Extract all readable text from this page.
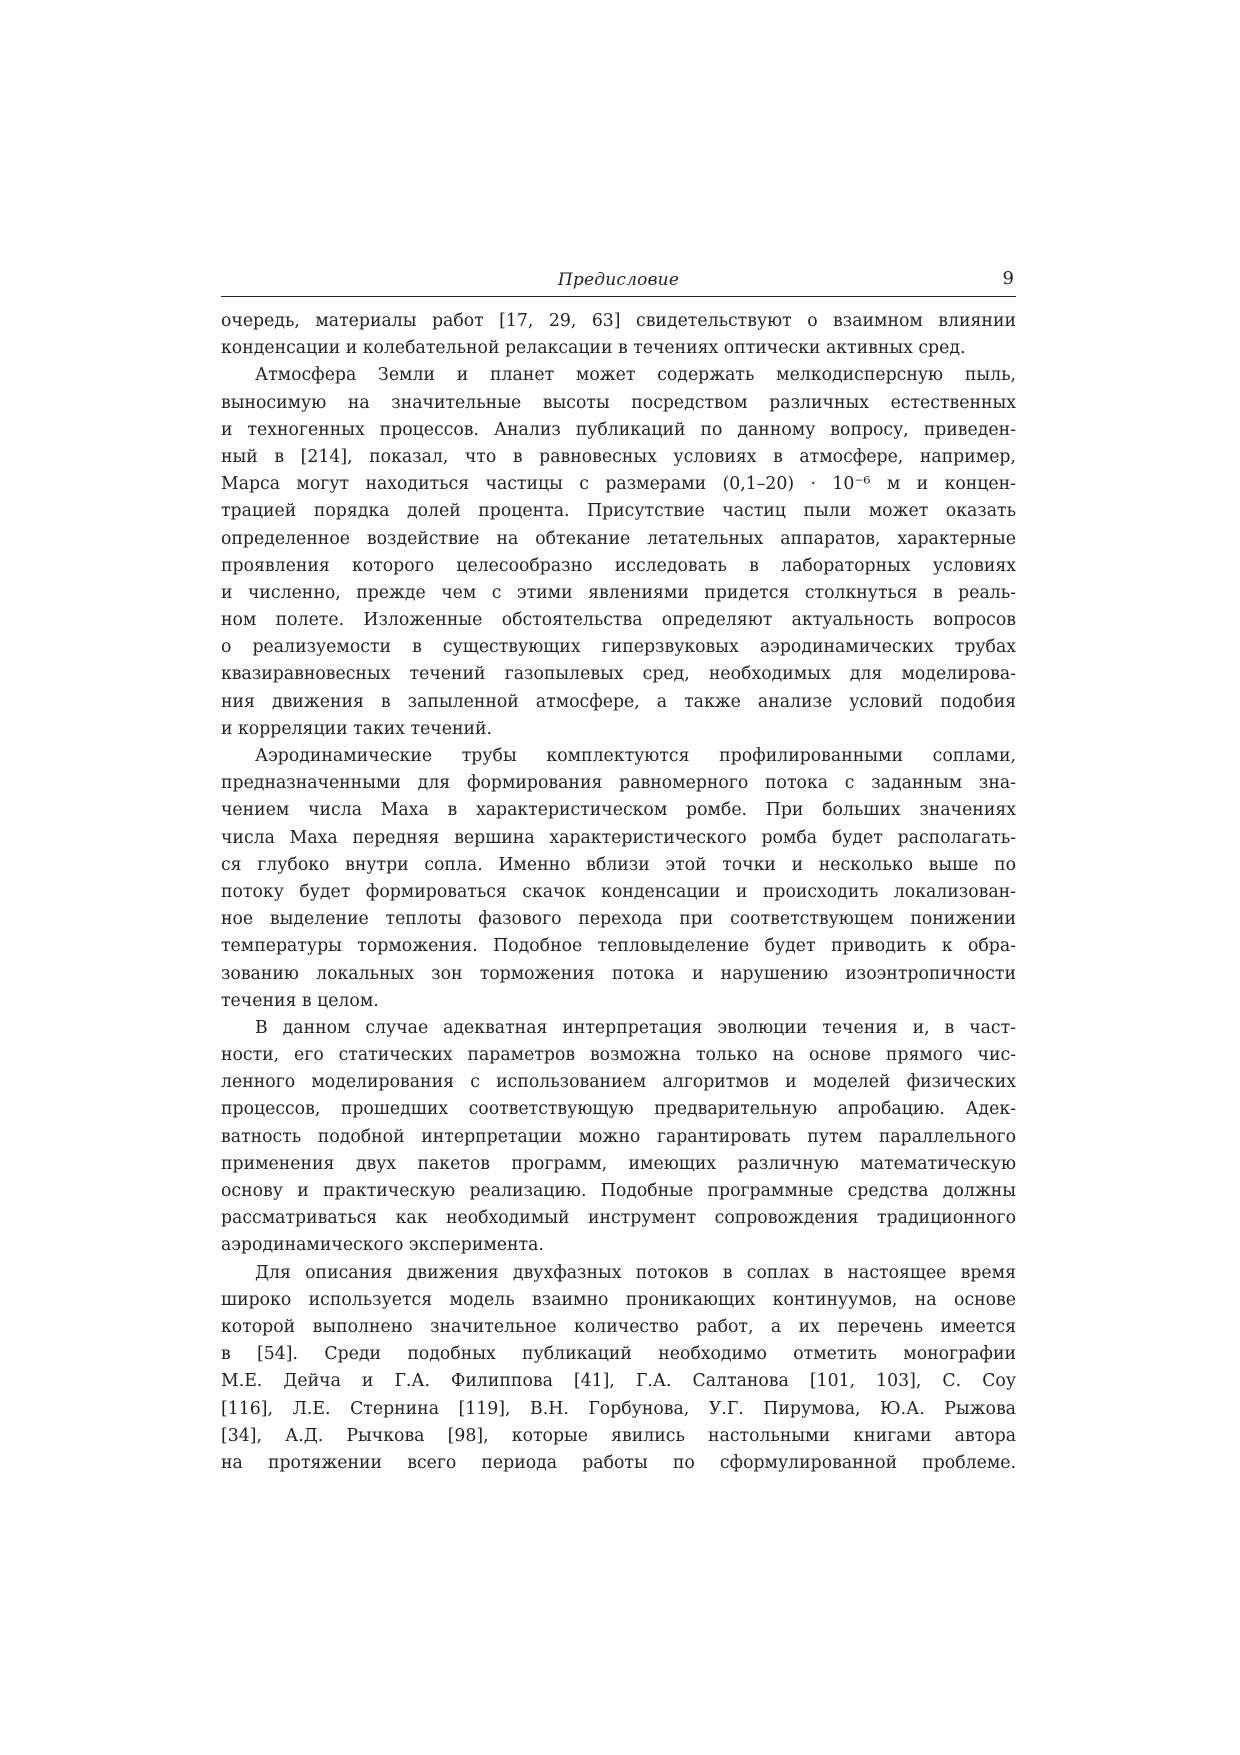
Предисловие	9
очередь, материалы работ [17, 29, 63] свидетельствуют о взаимном влиянии
конденсации и колебательной релаксации в течениях оптически активных сред.
Атмосфера Земли и планет может содержать мелкодисперсную пыль,
выносимую на значительные высоты посредством различных естественных
и техногенных процессов. Анализ публикаций по данному вопросу, приведен-
ный в [214], показал, что в равновесных условиях в атмосфере, например,
Марса могут находиться частицы с размерами (0,1–20) · 10⁻⁶ м и концен-
трацией порядка долей процента. Присутствие частиц пыли может оказать
определенное воздействие на обтекание летательных аппаратов, характерные
проявления которого целесообразно исследовать в лабораторных условиях
и численно, прежде чем с этими явлениями придется столкнуться в реаль-
ном полете. Изложенные обстоятельства определяют актуальность вопросов
о реализуемости в существующих гиперзвуковых аэродинамических трубах
квазиравновесных течений газопылевых сред, необходимых для моделирова-
ния движения в запыленной атмосфере, а также анализе условий подобия
и корреляции таких течений.
Аэродинамические трубы комплектуются профилированными соплами,
предназначенными для формирования равномерного потока с заданным зна-
чением числа Маха в характеристическом ромбе. При больших значениях
числа Маха передняя вершина характеристического ромба будет располагать-
ся глубоко внутри сопла. Именно вблизи этой точки и несколько выше по
потоку будет формироваться скачок конденсации и происходить локализован-
ное выделение теплоты фазового перехода при соответствующем понижении
температуры торможения. Подобное тепловыделение будет приводить к обра-
зованию локальных зон торможения потока и нарушению изоэнтропичности
течения в целом.
В данном случае адекватная интерпретация эволюции течения и, в част-
ности, его статических параметров возможна только на основе прямого чис-
ленного моделирования с использованием алгоритмов и моделей физических
процессов, прошедших соответствующую предварительную апробацию. Адек-
ватность подобной интерпретации можно гарантировать путем параллельного
применения двух пакетов программ, имеющих различную математическую
основу и практическую реализацию. Подобные программные средства должны
рассматриваться как необходимый инструмент сопровождения традиционного
аэродинамического эксперимента.
Для описания движения двухфазных потоков в соплах в настоящее время
широко используется модель взаимно проникающих континуумов, на основе
которой выполнено значительное количество работ, а их перечень имеется
в [54]. Среди подобных публикаций необходимо отметить монографии
М.Е. Дейча и Г.А. Филиппова [41], Г.А. Салтанова [101, 103], С. Соу
[116], Л.Е. Стернина [119], В.Н. Горбунова, У.Г. Пирумова, Ю.А. Рыжова
[34], А.Д. Рычкова [98], которые явились настольными книгами автора
на протяжении всего периода работы по сформулированной проблеме.
